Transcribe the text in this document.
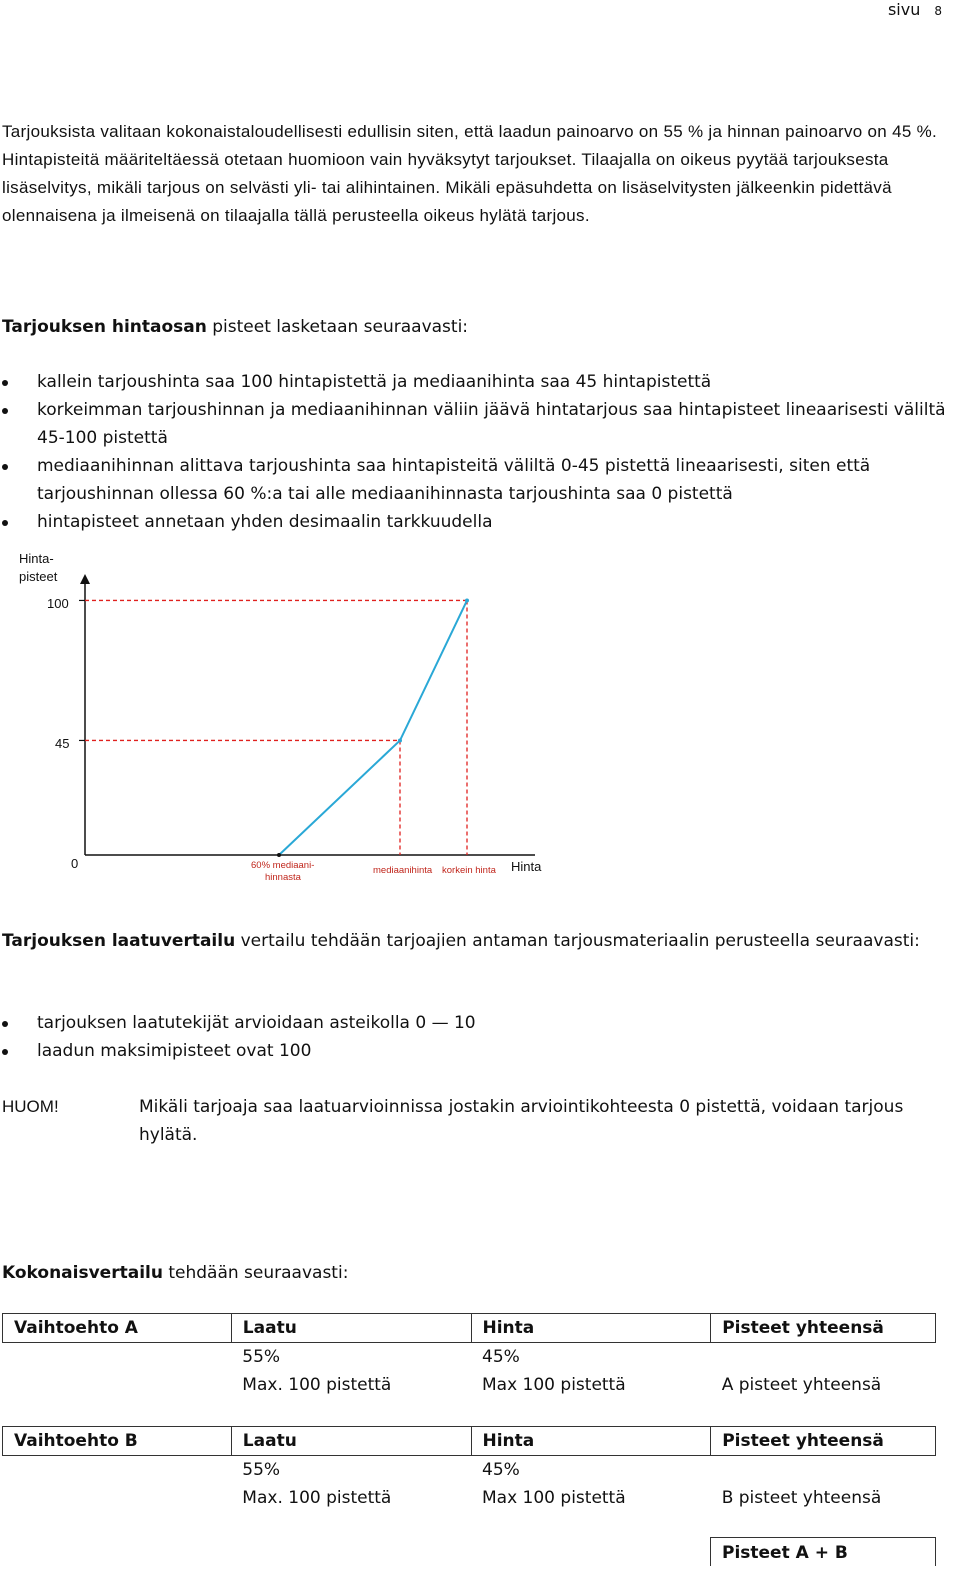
sivu 8
Tarjouksista valitaan kokonaistaloudellisesti edullisin siten, että laadun painoarvo on 55 % ja hinnan painoarvo on 45 %.
Hintapisteitä määriteltäessä otetaan huomioon vain hyväksytyt tarjoukset. Tilaajalla on oikeus pyytää tarjouksesta lisäselvitys, mikäli tarjous on selvästi yli- tai alihintainen. Mikäli epäsuhdetta on lisäselvitysten jälkeenkin pidettävä olennaisena ja ilmeisenä on tilaajalla tällä perusteella oikeus hylätä tarjous.
Tarjouksen hintaosan pisteet lasketaan seuraavasti:
kallein tarjoushinta saa 100 hintapistettä ja mediaanihinta saa 45 hintapistettä
korkeimman tarjoushinnan ja mediaanihinnan väliin jäävä hintatarjous saa hintapisteet lineaarisesti väliltä 45-100 pistettä
mediaanihinnan alittava tarjoushinta saa hintapisteitä väliltä 0-45 pistettä lineaarisesti, siten että tarjoushinnan ollessa 60 %:a tai alle mediaanihinnasta tarjoushinta saa 0 pistettä
hintapisteet annetaan yhden desimaalin tarkkuudella
Hinta-
pisteet
100
45
0	60% mediaani-
hinnasta
mediaanihinta korkein hinta Hinta
Tarjouksen laatuvertailu vertailu tehdään tarjoajien antaman tarjousmateriaalin perusteella seuraavasti:
tarjouksen laatutekijät arvioidaan asteikolla 0 — 10
laadun maksimipisteet ovat 100
HUOM!	Mikäli tarjoaja saa laatuarvioinnissa jostakin arviointikohteesta 0 pistettä, voidaan tarjous hylätä.
Kokonaisvertailu tehdään seuraavasti:
Vaihtoehto A	Laatu	Hinta	Pisteet yhteensä
	55%	45%	
	Max. 100 pistettä	Max 100 pistettä	A pisteet yhteensä
Vaihtoehto B	Laatu	Hinta	Pisteet yhteensä
	55%	45%	
	Max. 100 pistettä	Max 100 pistettä	B pisteet yhteensä
Pisteet A + B
